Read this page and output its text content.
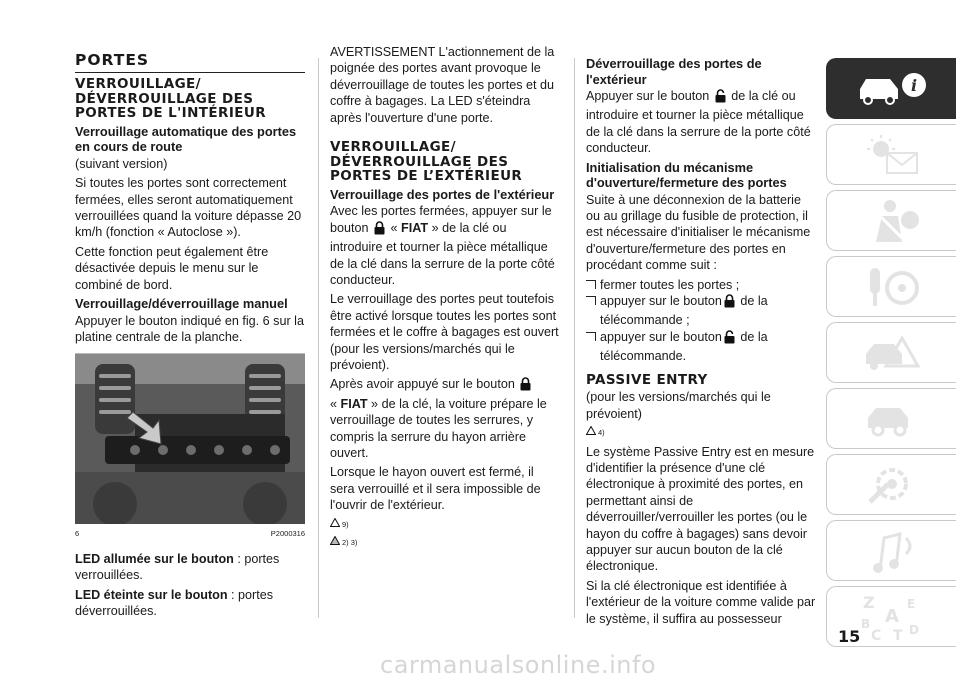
PORTES
VERROUILLAGE/ DÉVERROUILLAGE DES PORTES DE L'INTÉRIEUR
Verrouillage automatique des portes en cours de route

(suivant version)

Si toutes les portes sont correctement fermées, elles seront automatiquement verrouillées quand la voiture dépasse 20 km/h (fonction « Autoclose »).

Cette fonction peut également être désactivée depuis le menu sur le combiné de bord.

Verrouillage/déverrouillage manuel

Appuyer le bouton indiqué en fig. 6 sur la platine centrale de la planche.

6	P2000316

LED allumée sur le bouton : portes verrouillées.

LED éteinte sur le bouton : portes déverrouillées.

AVERTISSEMENT L'actionnement de la poignée des portes avant provoque le déverrouillage de toutes les portes et du coffre à bagages. La LED s'éteindra après l'ouverture d'une porte.

VERROUILLAGE/ DÉVERROUILLAGE DES PORTES DE L’EXTÉRIEUR
Verrouillage des portes de l'extérieur

Avec les portes fermées, appuyer sur le bouton  « FIAT » de la clé ou introduire et tourner la pièce métallique de la clé dans la serrure de la porte côté conducteur.

Le verrouillage des portes peut toutefois être activé lorsque toutes les portes sont fermées et le coffre à bagages est ouvert (pour les versions/marchés qui le prévoient).

Après avoir appuyé sur le bouton
« FIAT » de la clé, la voiture prépare le verrouillage de toutes les serrures, y compris la serrure du hayon arrière ouvert.

Lorsque le hayon ouvert est fermé, il sera verrouillé et il sera impossible de l'ouvrir de l'extérieur.

9)
2) 3)
Déverrouillage des portes de l'extérieur

Appuyer sur le bouton  de la clé ou introduire et tourner la pièce métallique de la clé dans la serrure de la porte côté conducteur.

Initialisation du mécanisme d'ouverture/fermeture des portes

Suite à une déconnexion de la batterie ou au grillage du fusible de protection, il est nécessaire d'initialiser le mécanisme d'ouverture/fermeture des portes en procédant comme suit :

fermer toutes les portes ;
appuyer sur le bouton de la télécommande ;
appuyer sur le bouton de la télécommande.
PASSIVE ENTRY

(pour les versions/marchés qui le prévoient)

4)

Le système Passive Entry est en mesure d'identifier la présence d'une clé électronique à proximité des portes, en permettant ainsi de déverrouiller/verrouiller les portes (ou le hayon du coffre à bagages) sans devoir appuyer sur aucun bouton de la clé électronique.

Si la clé électronique est identifiée à l'extérieur de la voiture comme valide par le système, il suffira au possesseur

i
Z	E
A
B
C D
T
15
carmanualsonline.info
